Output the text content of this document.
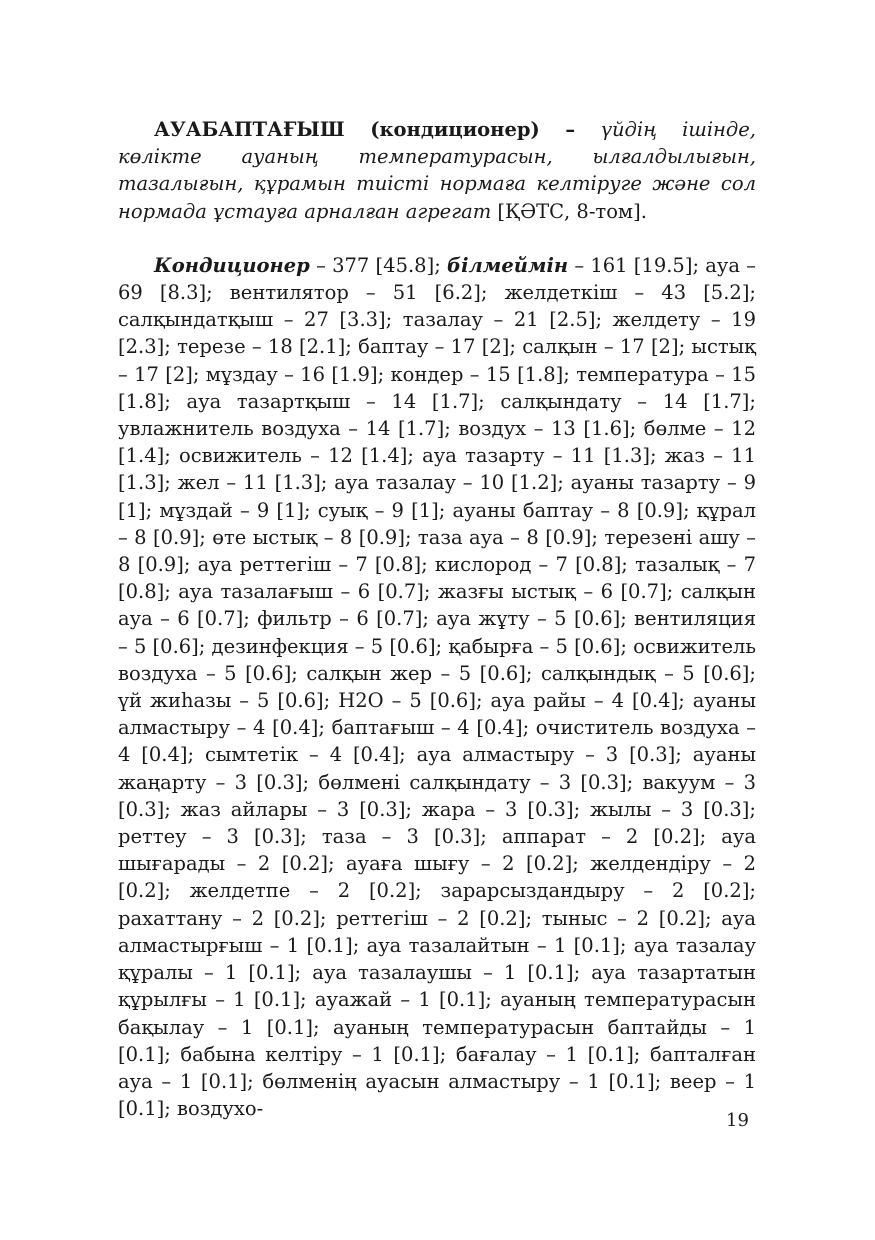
АУАБАПТАҒЫШ (кондиционер) – үйдің ішінде, көлікте ауаның температурасын, ылғалдылығын, тазалығын, құрамын тиісті нормаға келтіруге және сол нормада ұстауға арналған агрегат [ҚӘТС, 8-том].

Кондиционер – 377 [45.8]; білмеймін – 161 [19.5]; ауа – 69 [8.3]; вентилятор – 51 [6.2]; желдеткіш – 43 [5.2]; салқындатқыш – 27 [3.3]; тазалау – 21 [2.5]; желдету – 19 [2.3]; терезе – 18 [2.1]; баптау – 17 [2]; салқын – 17 [2]; ыстық – 17 [2]; мұздау – 16 [1.9]; кондер – 15 [1.8]; температура – 15 [1.8]; ауа тазартқыш – 14 [1.7]; салқындату – 14 [1.7]; увлажнитель воздуха – 14 [1.7]; воздух – 13 [1.6]; бөлме – 12 [1.4]; освижитель – 12 [1.4]; ауа тазарту – 11 [1.3]; жаз – 11 [1.3]; жел – 11 [1.3]; ауа тазалау – 10 [1.2]; ауаны тазарту – 9 [1]; мұздай – 9 [1]; суық – 9 [1]; ауаны баптау – 8 [0.9]; құрал – 8 [0.9]; өте ыстық – 8 [0.9]; таза ауа – 8 [0.9]; терезені ашу – 8 [0.9]; ауа реттегіш – 7 [0.8]; кислород – 7 [0.8]; тазалық – 7 [0.8]; ауа тазалағыш – 6 [0.7]; жазғы ыстық – 6 [0.7]; салқын ауа – 6 [0.7]; фильтр – 6 [0.7]; ауа жұту – 5 [0.6]; вентиляция – 5 [0.6]; дезинфекция – 5 [0.6]; қабырға – 5 [0.6]; освижитель воздуха – 5 [0.6]; салқын жер – 5 [0.6]; салқындық – 5 [0.6]; үй жиһазы – 5 [0.6]; H2O – 5 [0.6]; ауа райы – 4 [0.4]; ауаны алмастыру – 4 [0.4]; баптағыш – 4 [0.4]; очиститель воздуха – 4 [0.4]; сымтетік – 4 [0.4]; ауа алмастыру – 3 [0.3]; ауаны жаңарту – 3 [0.3]; бөлмені салқындату – 3 [0.3]; вакуум – 3 [0.3]; жаз айлары – 3 [0.3]; жара – 3 [0.3]; жылы – 3 [0.3]; реттеу – 3 [0.3]; таза – 3 [0.3]; аппарат – 2 [0.2]; ауа шығарады – 2 [0.2]; ауаға шығу – 2 [0.2]; желдендіру – 2 [0.2]; желдетпе – 2 [0.2]; зарарсыздандыру – 2 [0.2]; рахаттану – 2 [0.2]; реттегіш – 2 [0.2]; тыныс – 2 [0.2]; ауа алмастырғыш – 1 [0.1]; ауа тазалайтын – 1 [0.1]; ауа тазалау құралы – 1 [0.1]; ауа тазалаушы – 1 [0.1]; ауа тазартатын құрылғы – 1 [0.1]; ауажай – 1 [0.1]; ауаның температурасын бақылау – 1 [0.1]; ауаның температурасын баптайды – 1 [0.1]; бабына келтіру – 1 [0.1]; бағалау – 1 [0.1]; бапталған ауа – 1 [0.1]; бөлменің ауасын алмастыру – 1 [0.1]; веер – 1 [0.1]; воздухо-

19
